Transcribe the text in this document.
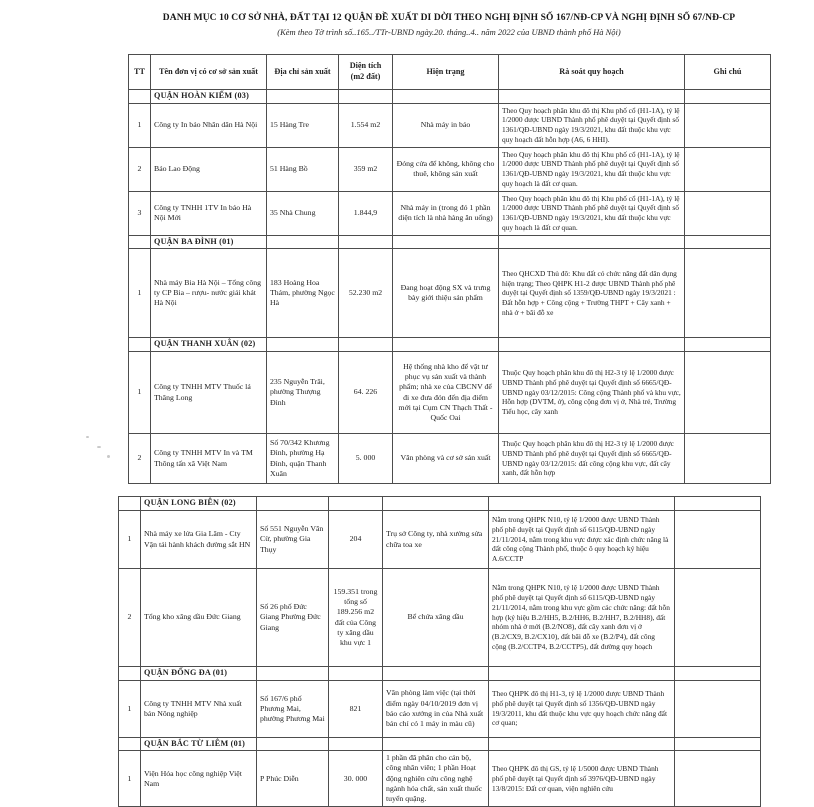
DANH MỤC 10 CƠ SỞ NHÀ, ĐẤT TẠI 12 QUẬN ĐỀ XUẤT DI DỜI THEO NGHỊ ĐỊNH SỐ 167/NĐ-CP VÀ NGHỊ ĐỊNH SỐ 67/NĐ-CP
(Kèm theo Tờ trình số..165../TTr-UBND ngày.20. tháng..4.. năm 2022 của UBND thành phố Hà Nội)
TT	Tên đơn vị có cơ sở sản xuất	Địa chỉ sản xuất	Diện tích (m2 đất)	Hiện trạng	Rà soát quy hoạch	Ghi chú
	QUẬN HOÀN KIẾM (03)					
1	Công ty In báo Nhân dân Hà Nội	15 Hàng Tre	1.554 m2	Nhà máy in báo	Theo Quy hoạch phân khu đô thị Khu phố cổ (H1-1A), tỷ lệ 1/2000 được UBND Thành phố phê duyệt tại Quyết định số 1361/QĐ-UBND ngày 19/3/2021, khu đất thuộc khu vực quy hoạch đất hỗn hợp (A6, 6 HHI).	
2	Báo Lao Động	51 Hàng Bồ	359 m2	Đóng cửa để không, không cho thuê, không sản xuất	Theo Quy hoạch phân khu đô thị Khu phố cổ (H1-1A), tỷ lệ 1/2000 được UBND Thành phố phê duyệt tại Quyết định số 1361/QĐ-UBND ngày 19/3/2021, khu đất thuộc khu vực quy hoạch là đất cơ quan.	
3	Công ty TNHH 1TV In báo Hà Nội Mới	35 Nhà Chung	1.844,9	Nhà máy in (trong đó 1 phần diện tích là nhà hàng ăn uống)	Theo Quy hoạch phân khu đô thị Khu phố cổ (H1-1A), tỷ lệ 1/2000 được UBND Thành phố phê duyệt tại Quyết định số 1361/QĐ-UBND ngày 19/3/2021, khu đất thuộc khu vực quy hoạch là đất cơ quan.	
	QUẬN BA ĐÌNH (01)					
1	Nhà máy Bia Hà Nội – Tổng công ty CP Bia – rượu- nước giải khát Hà Nội	183 Hoàng Hoa Thám, phường Ngọc Hà	52.230 m2	Đang hoạt động SX và trưng bày giới thiệu sản phẩm	Theo QHCXD Thủ đô: Khu đất có chức năng đất dân dụng hiện trạng; Theo QHPK H1-2 được UBND Thành phố phê duyệt tại Quyết định số 1359/QĐ-UBND ngày 19/3/2021 : Đất hỗn hợp + Công cộng + Trường THPT + Cây xanh + nhà ở + bãi đỗ xe	
	QUẬN THANH XUÂN (02)					
1	Công ty TNHH MTV Thuốc lá Thăng Long	235 Nguyễn Trãi, phường Thượng Đình	64. 226	Hệ thống nhà kho để vật tư phục vụ sản xuất và thành phẩm; nhà xe của CBCNV để đi xe đưa đón đến địa điểm mới tại Cụm CN Thạch Thất - Quốc Oai	Thuộc Quy hoạch phân khu đô thị H2-3 tỷ lệ 1/2000 được UBND Thành phố phê duyệt tại Quyết định số 6665/QĐ-UBND ngày 03/12/2015: Công cộng Thành phố và khu vực, Hỗn hợp (DVTM, ở), công cộng đơn vị ở, Nhà trẻ, Trường Tiểu học, cây xanh	
2	Công ty TNHH MTV In và TM Thông tấn xã Việt Nam	Số 70/342 Khương Đình, phường Hạ Đình, quận Thanh Xuân	5. 000	Văn phòng và cơ sở sản xuất	Thuộc Quy hoạch phân khu đô thị H2-3 tỷ lệ 1/2000 được UBND Thành phố phê duyệt tại Quyết định số 6665/QĐ-UBND ngày 03/12/2015: đất công cộng khu vực, đất cây xanh, đất hỗn hợp	
	QUẬN LONG BIÊN (02)					
1	Nhà máy xe lửa Gia Lâm - Cty Vận tải hành khách đường sắt HN	Số 551 Nguyễn Văn Cừ, phường Gia Thụy	204	Trụ sở Công ty, nhà xưởng sửa chữa toa xe	Nằm trong QHPK N10, tỷ lệ 1/2000 được UBND Thành phố phê duyệt tại Quyết định số 6115/QĐ-UBND ngày 21/11/2014, nằm trong khu vực được xác định chức năng là đất công cộng Thành phố, thuộc ô quy hoạch ký hiệu A.6/CCTP	
2	Tổng kho xăng dầu Đức Giang	Số 26 phố Đức Giang Phường Đức Giang	159.351 trong tổng số 189.256 m2 đất của Công ty xăng dầu khu vực 1	Bể chứa xăng dầu	Nằm trong QHPK N10, tỷ lệ 1/2000 được UBND Thành phố phê duyệt tại Quyết định số 6115/QĐ-UBND ngày 21/11/2014, nằm trong khu vực gồm các chức năng: đất hỗn hợp (ký hiệu B.2/HH5, B.2/HH6, B.2/HH7, B.2/HH8), đất nhóm nhà ở mới (B.2/NO8), đất cây xanh đơn vị ở (B.2/CX9, B.2/CX10), đất bãi đỗ xe (B.2/P4), đất công cộng (B.2/CCTP4, B.2/CCTP5), đất đường quy hoạch	
	QUẬN ĐỐNG ĐA (01)					
1	Công ty TNHH MTV Nhà xuất bản Nông nghiệp	Số 167/6 phố Phương Mai, phường Phương Mai	821	Văn phòng làm việc (tại thời điểm ngày 04/10/2019 đơn vị báo cáo xưởng in của Nhà xuất bản chỉ có 1 máy in màu cũ)	Theo QHPK đô thị H1-3, tỷ lệ 1/2000 được UBND Thành phố phê duyệt tại Quyết định số 1356/QĐ-UBND ngày 19/3/2011, khu đất thuộc khu vực quy hoạch chức năng đất cơ quan;	
	QUẬN BẮC TỪ LIÊM (01)					
1	Viện Hóa học công nghiệp Việt Nam	P Phúc Diễn	30. 000	1 phần đã phân cho cán bộ, công nhân viên; 1 phần Hoạt động nghiên cứu công nghệ ngành hóa chất, sản xuất thuốc tuyển quặng.	Theo QHPK đô thị GS, tỷ lệ 1/5000 được UBND Thành phố phê duyệt tại Quyết định số 3976/QĐ-UBND ngày 13/8/2015: Đất cơ quan, viện nghiên cứu	
